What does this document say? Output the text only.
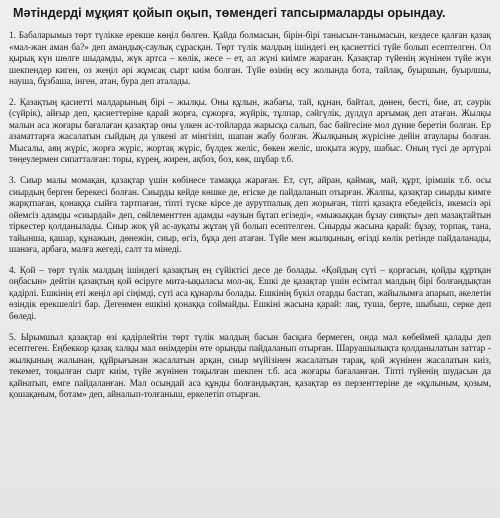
Мәтіндерді мұқият қойып оқып, төмендегі тапсырмаларды орындау.

1. Бабаларымыз төрт түлікке ерекше көңіл бөлген. Қайда болмасын, бірін-бірі танысын-танымасын, кездесе қалған қазақ «мал-жан аман ба?» деп амандық-саулық сұрасқан. Төрт түлік малдың ішіндегі ең қасиеттісі түйе болып есептелген. Ол қырық күн шөлге шыдамды, жүк артса – көлік, жесе – ет, ал жүні киімге жараған. Қазақтар түйенің жүнінен түйе жүн шекпендер киген, оз жеңіл әрі жұмсақ сырт киім болған. Түйе өзінің өсу жолында бота, тайлақ, буыршын, буырлшы, науша, бұзбаша, інген, атан, бура деп аталады.

2. Қазақтың қасиетті малдарының бірі – жылқы. Оны құлын, жабағы, тай, құнан, байтал, дөнен, бесті, бие, ат, сәурік (сүйрік), айғыр деп, қасиеттеріне қарай жорға, сұжорға, жүйрік, тұлпар, сәйгүлік, дүлдүл арғымақ деп атаған. Жылқы малын аса жоғары бағалаған қазақтар оны үлкен ас-тойларда жарысқа салып, бас бәйгесіне мол дүние беретін болған. Ер азаматтарға жасалатын сыйдың да үлкені ат мінгізіп, шапан жабу болған. Жылқының жүрісіне дейін атаулары болған. Мысалы, аяң жүріс, жорға жүріс, жортақ жүріс, бүлдек желіс, бөкен желіс, шоқыта жүру, шабыс. Оның түсі де әртүрлі төңеулермен сипатталған: торы, күрең, жирен, ақбоз, боз, көк, шұбар т.б.

3. Сиыр малы момақан, қазақтар үшін көбінесе тамаққа жараған. Ет, сүт, айран, қаймақ, май, құрт, ірімшік т.б. осы сиырдың берген берекесі болған. Сиырды кейде көшке де, егіске де пайдаланып отырған. Жалпы, қазақтар сиырды кимге жарқтпаған, қонаққа сыйға тартпаған, тіпті түске кірсе де аурутпалық деп жорыған, тіпті қазақта ебедейсіз, икемсіз әрі ойемсіз адамды «сиырдай» деп, сөйлементтен адамды «аузын бұтап егізеді», «мыжыққан бұзау сияқты» деп мазақтайтын тіркестер қолданылады. Сиыр жоқ үй ас-ауқаты жұтаң үй болып есептелген. Сиырды жасына қарай: бұзау, торпақ, тана, тайынша, қашар, құнажын, дөнежін, сиыр, өгіз, бұқа деп атаған. Түйе мен жылқының, өгіздi көлік ретінде пайдаланады, шанаға, арбаға, малға жегеді, салт та мінеді.

4. Қой – төрт түлік малдың ішіндегі қазақтың ең сүйіктісі десе де болады. «Қойдың сүті – қорғасын, қойды құртқан оңбасын» дейтін қазақтың қой өсіруге мита-ықыласы мол-ақ. Ешкі де қазақтар үшін есімтал малдың бірі болғандықтан қадірлі. Ешкінің еті жеңіл әрі сіңімді, сүті аса құнарлы болады. Ешкінің бүкіл отарды бастап, жайылымға апарып, әкелетін өзіндік ерекшелігі бар. Дегенмен ешкіні қонаққа соймайды. Ешкіні жасына қарай: лақ, туша, берте, шыбыш, серке деп бөледі.

5. Ырымшыл қазақтар өзі қадірлейтін төрт түлік малдың басын басқаға бермеген, онда мал көбеймей қалады деп есептеген. Еңбеккор қазақ халқы мал өнімдерін өте орынды пайдаланып отырған. Шаруашылықта қолданылатын заттар - жылқының жалынан, құйрығынан жасалатын арқан, сиыр мүйізінен жасалатын тарақ, қой жүнінен жасалатын киіз, текемет, тоқылған сырт киім, түйе жүнінен тоқылған шекпен т.б. аса жоғары бағаланған. Тіпті түйенің шудасын да қайнатып, емге пайдаланған. Мал осындай аса құнды болғандықтан, қазақтар өз перзенттеріне де «құлыным, қозым, қошақаным, ботам» деп, айналып-толғаныш, еркелетіп отырған.
